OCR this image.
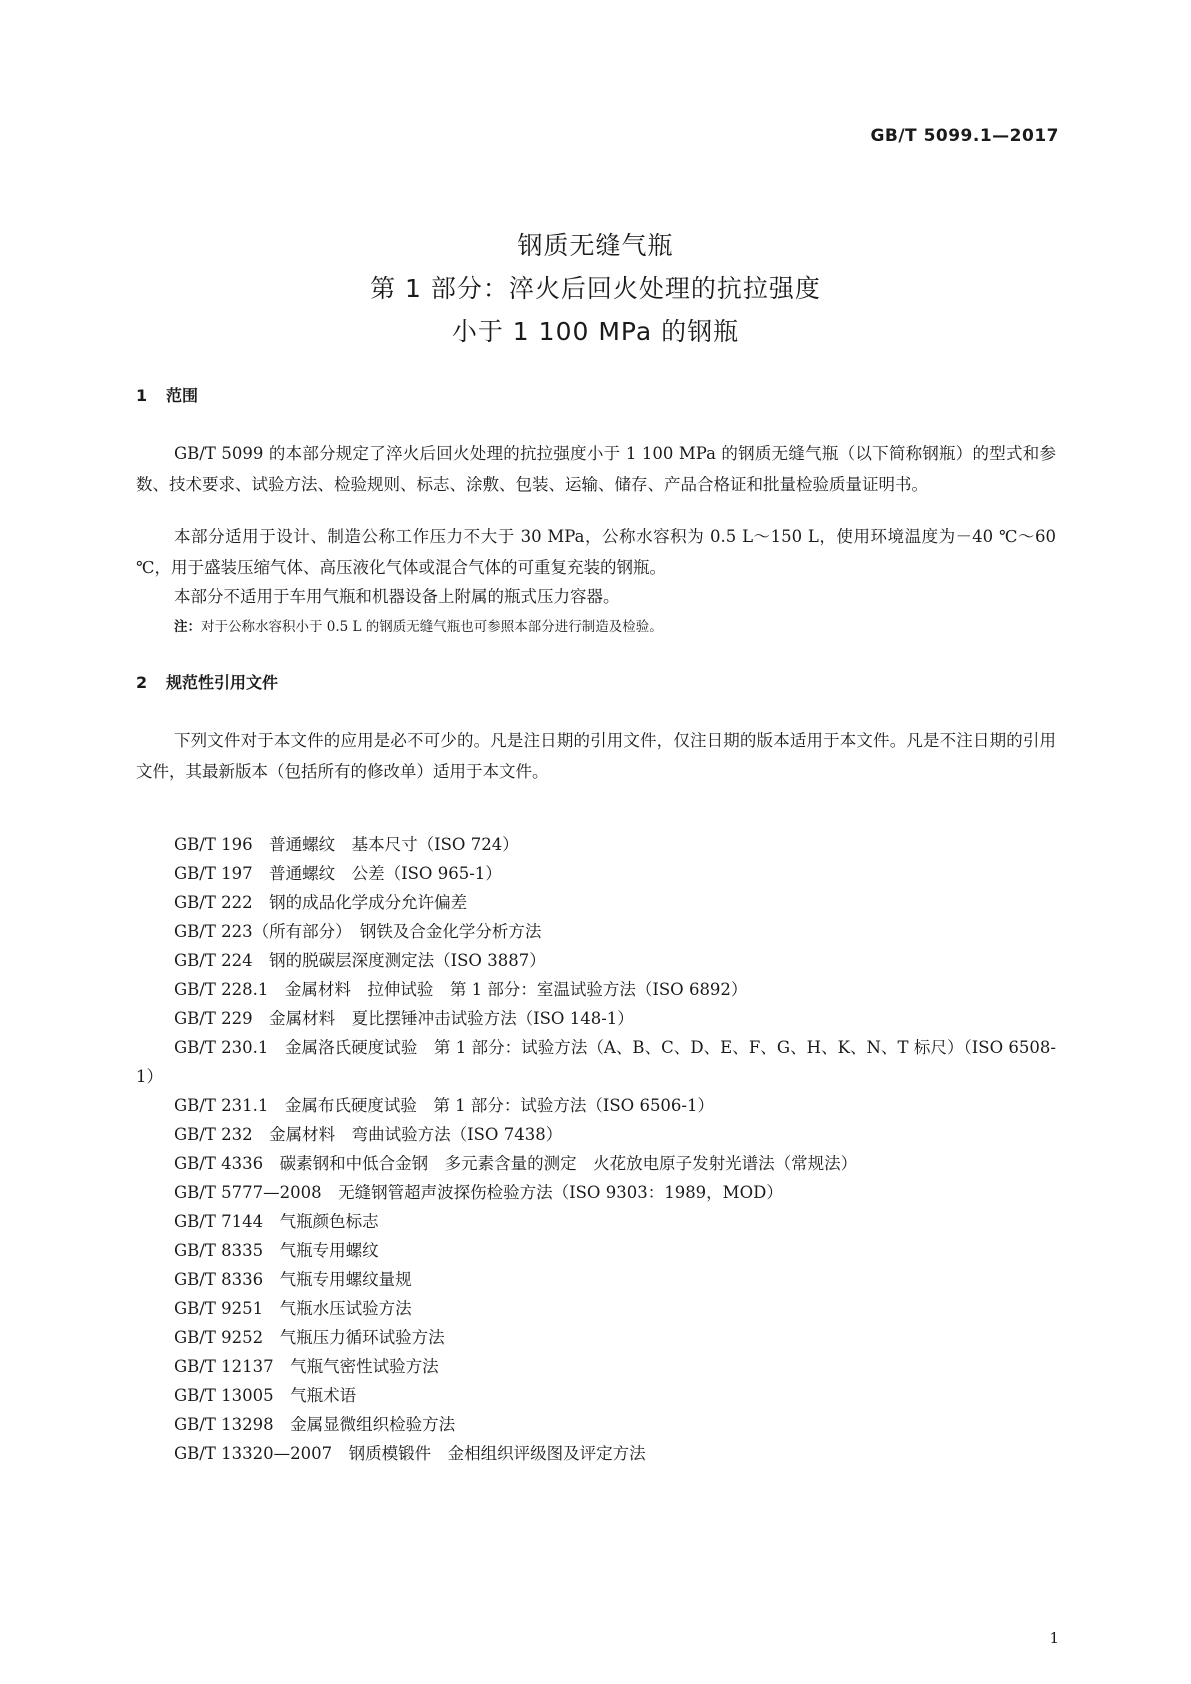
GB/T 5099.1—2017
钢质无缝气瓶
第 1 部分：淬火后回火处理的抗拉强度
小于 1 100 MPa 的钢瓶
1 范围
GB/T 5099 的本部分规定了淬火后回火处理的抗拉强度小于 1 100 MPa 的钢质无缝气瓶（以下简称钢瓶）的型式和参数、技术要求、试验方法、检验规则、标志、涂敷、包装、运输、储存、产品合格证和批量检验质量证明书。
本部分适用于设计、制造公称工作压力不大于 30 MPa，公称水容积为 0.5 L～150 L，使用环境温度为－40 ℃～60 ℃，用于盛装压缩气体、高压液化气体或混合气体的可重复充装的钢瓶。
本部分不适用于车用气瓶和机器设备上附属的瓶式压力容器。
注：对于公称水容积小于 0.5 L 的钢质无缝气瓶也可参照本部分进行制造及检验。
2 规范性引用文件
下列文件对于本文件的应用是必不可少的。凡是注日期的引用文件，仅注日期的版本适用于本文件。凡是不注日期的引用文件，其最新版本（包括所有的修改单）适用于本文件。
GB/T 196　 普通螺纹　基本尺寸（ISO 724）
GB/T 197　 普通螺纹　公差（ISO 965-1）
GB/T 222　 钢的成品化学成分允许偏差
GB/T 223（所有部分）　 钢铁及合金化学分析方法
GB/T 224　 钢的脱碳层深度测定法（ISO 3887）
GB/T 228.1　 金属材料　拉伸试验　第 1 部分：室温试验方法（ISO 6892）
GB/T 229　 金属材料　夏比摆锤冲击试验方法（ISO 148-1）
GB/T 230.1　 金属洛氏硬度试验　第 1 部分：试验方法（A、B、C、D、E、F、G、H、K、N、T 标尺）（ISO 6508-1）
GB/T 231.1　 金属布氏硬度试验　第 1 部分：试验方法（ISO 6506-1）
GB/T 232　 金属材料　弯曲试验方法（ISO 7438）
GB/T 4336　 碳素钢和中低合金钢　多元素含量的测定　火花放电原子发射光谱法（常规法）
GB/T 5777—2008　 无缝钢管超声波探伤检验方法（ISO 9303：1989，MOD）
GB/T 7144　 气瓶颜色标志
GB/T 8335　 气瓶专用螺纹
GB/T 8336　 气瓶专用螺纹量规
GB/T 9251　 气瓶水压试验方法
GB/T 9252　 气瓶压力循环试验方法
GB/T 12137　 气瓶气密性试验方法
GB/T 13005　 气瓶术语
GB/T 13298　 金属显微组织检验方法
GB/T 13320—2007　 钢质模锻件　金相组织评级图及评定方法
1
